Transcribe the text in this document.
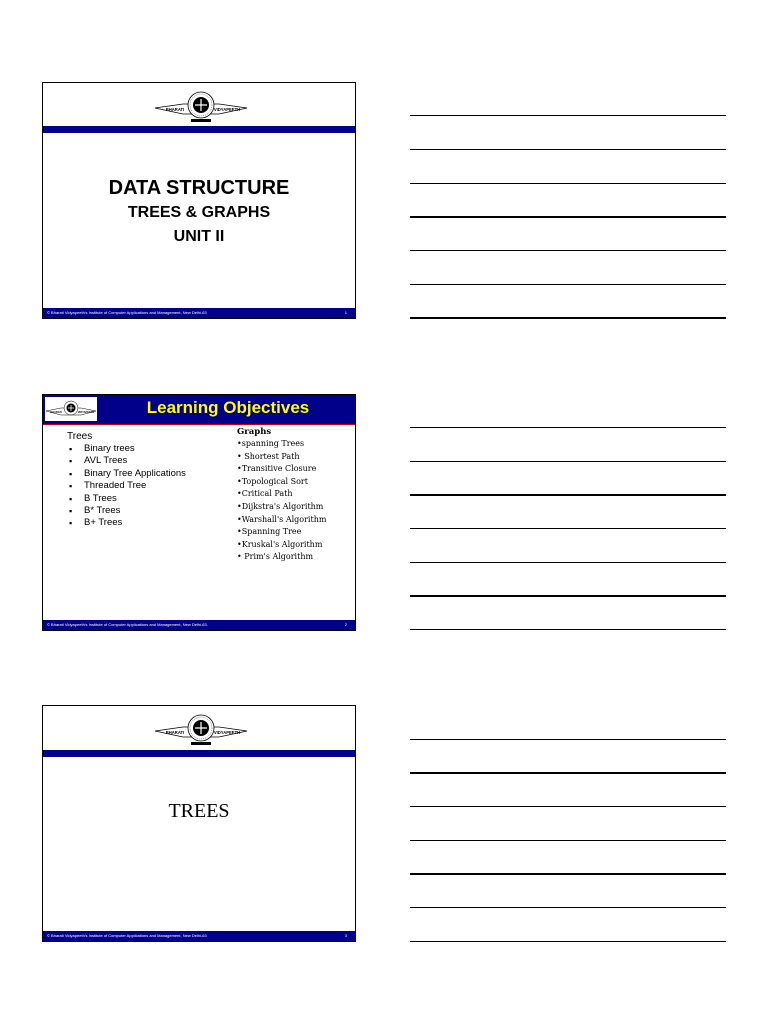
BHARATI	VIDYAPEETH
DATA STRUCTURE
TREES & GRAPHS
UNIT II
© Bharati Vidyapeeth's Institute of Computer Applications and Management, New Delhi-63	1
BHARATI	VIDYAPEETH	Learning Objectives
Trees
▪ Binary trees
▪ AVL Trees
▪ Binary Tree Applications
▪ Threaded Tree
▪ B Trees
▪ B* Trees
▪ B+ Trees
Graphs
•spanning Trees
• Shortest Path
•Transitive Closure
•Topological Sort
•Critical Path
•Dijkstra's Algorithm
•Warshall's Algorithm
•Spanning Tree
•Kruskal's Algorithm
• Prim's Algorithm
© Bharati Vidyapeeth's Institute of Computer Applications and Management, New Delhi-63.	2
BHARATI	VIDYAPEETH
TREES
© Bharati Vidyapeeth's Institute of Computer Applications and Management, New Delhi-63	3
